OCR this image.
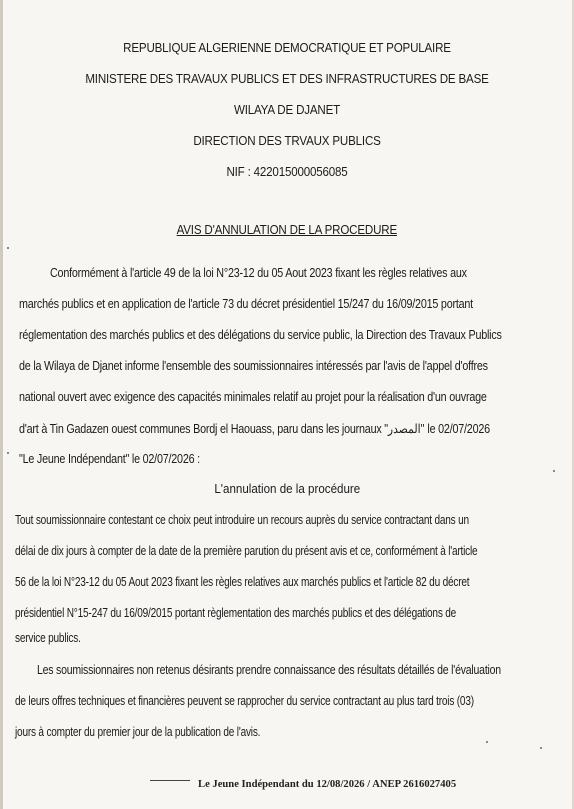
REPUBLIQUE ALGERIENNE DEMOCRATIQUE ET POPULAIRE
MINISTERE DES TRAVAUX PUBLICS ET DES INFRASTRUCTURES DE BASE
WILAYA DE DJANET
DIRECTION DES TRVAUX PUBLICS
NIF : 422015000056085
AVIS D'ANNULATION DE LA PROCEDURE
Conformément à l'article 49 de la loi N°23-12 du 05 Aout 2023 fixant les règles relatives aux
marchés publics et en application de l'article 73 du décret présidentiel 15/247 du 16/09/2015 portant
réglementation des marchés publics et des délégations du service public, la Direction des Travaux Publics
de la Wilaya de Djanet informe l'ensemble des soumissionnaires intéressés par l'avis de l'appel d'offres
national ouvert avec exigence des capacités minimales relatif au projet pour la réalisation d'un ouvrage
d'art à Tin Gadazen ouest communes Bordj el Haouass, paru dans les journaux "المصدر" le 02/07/2026
"Le Jeune Indépendant" le 02/07/2026 :
L'annulation de la procédure
Tout soumissionnaire contestant ce choix peut introduire un recours auprès du service contractant dans un
délai de dix jours à compter de la date de la première parution du présent avis et ce, conformément à l'article
56 de la loi N°23-12 du 05 Aout 2023 fixant les règles relatives aux marchés publics et l'article 82 du décret
présidentiel N°15-247 du 16/09/2015 portant règlementation des marchés publics et des délégations de
service publics.
Les soumissionnaires non retenus désirants prendre connaissance des résultats détaillés de l'évaluation
de leurs offres techniques et financières peuvent se rapprocher du service contractant au plus tard trois (03)
jours à compter du premier jour de la publication de l'avis.
Le Jeune Indépendant du 12/08/2026 / ANEP 2616027405
